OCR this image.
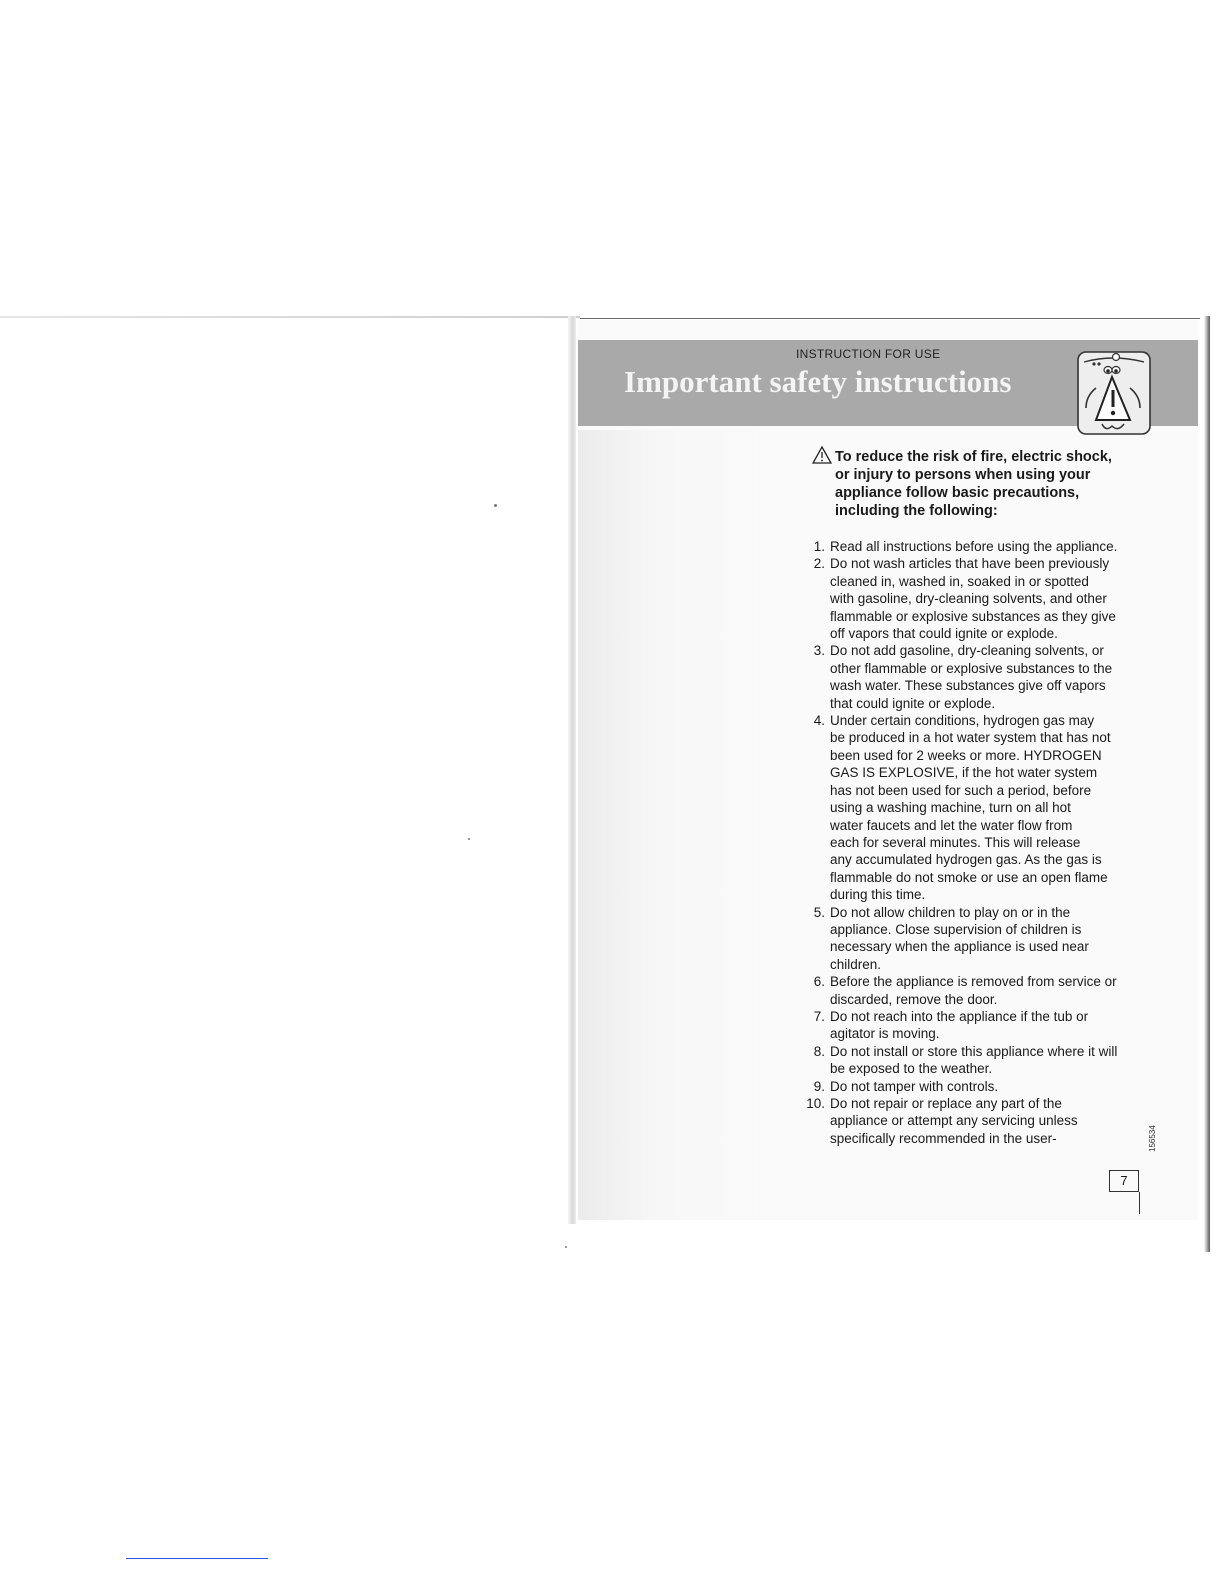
INSTRUCTION FOR USE
Important safety instructions
To reduce the risk of fire, electric shock,
or injury to persons when using your
appliance follow basic precautions,
including the following:
1. Read all instructions before using the appliance.
2. Do not wash articles that have been previously
cleaned in, washed in, soaked in or spotted
with gasoline, dry-cleaning solvents, and other
flammable or explosive substances as they give
off vapors that could ignite or explode.
3. Do not add gasoline, dry-cleaning solvents, or
other flammable or explosive substances to the
wash water. These substances give off vapors
that could ignite or explode.
4. Under certain conditions, hydrogen gas may
be produced in a hot water system that has not
been used for 2 weeks or more. HYDROGEN
GAS IS EXPLOSIVE, if the hot water system
has not been used for such a period, before
using a washing machine, turn on all hot
water faucets and let the water flow from
each for several minutes. This will release
any accumulated hydrogen gas. As the gas is
flammable do not smoke or use an open flame
during this time.
5. Do not allow children to play on or in the
appliance. Close supervision of children is
necessary when the appliance is used near
children.
6. Before the appliance is removed from service or
discarded, remove the door.
7. Do not reach into the appliance if the tub or
agitator is moving.
8. Do not install or store this appliance where it will
be exposed to the weather.
9. Do not tamper with controls.
10. Do not repair or replace any part of the
appliance or attempt any servicing unless
specifically recommended in the user-	156534
7
